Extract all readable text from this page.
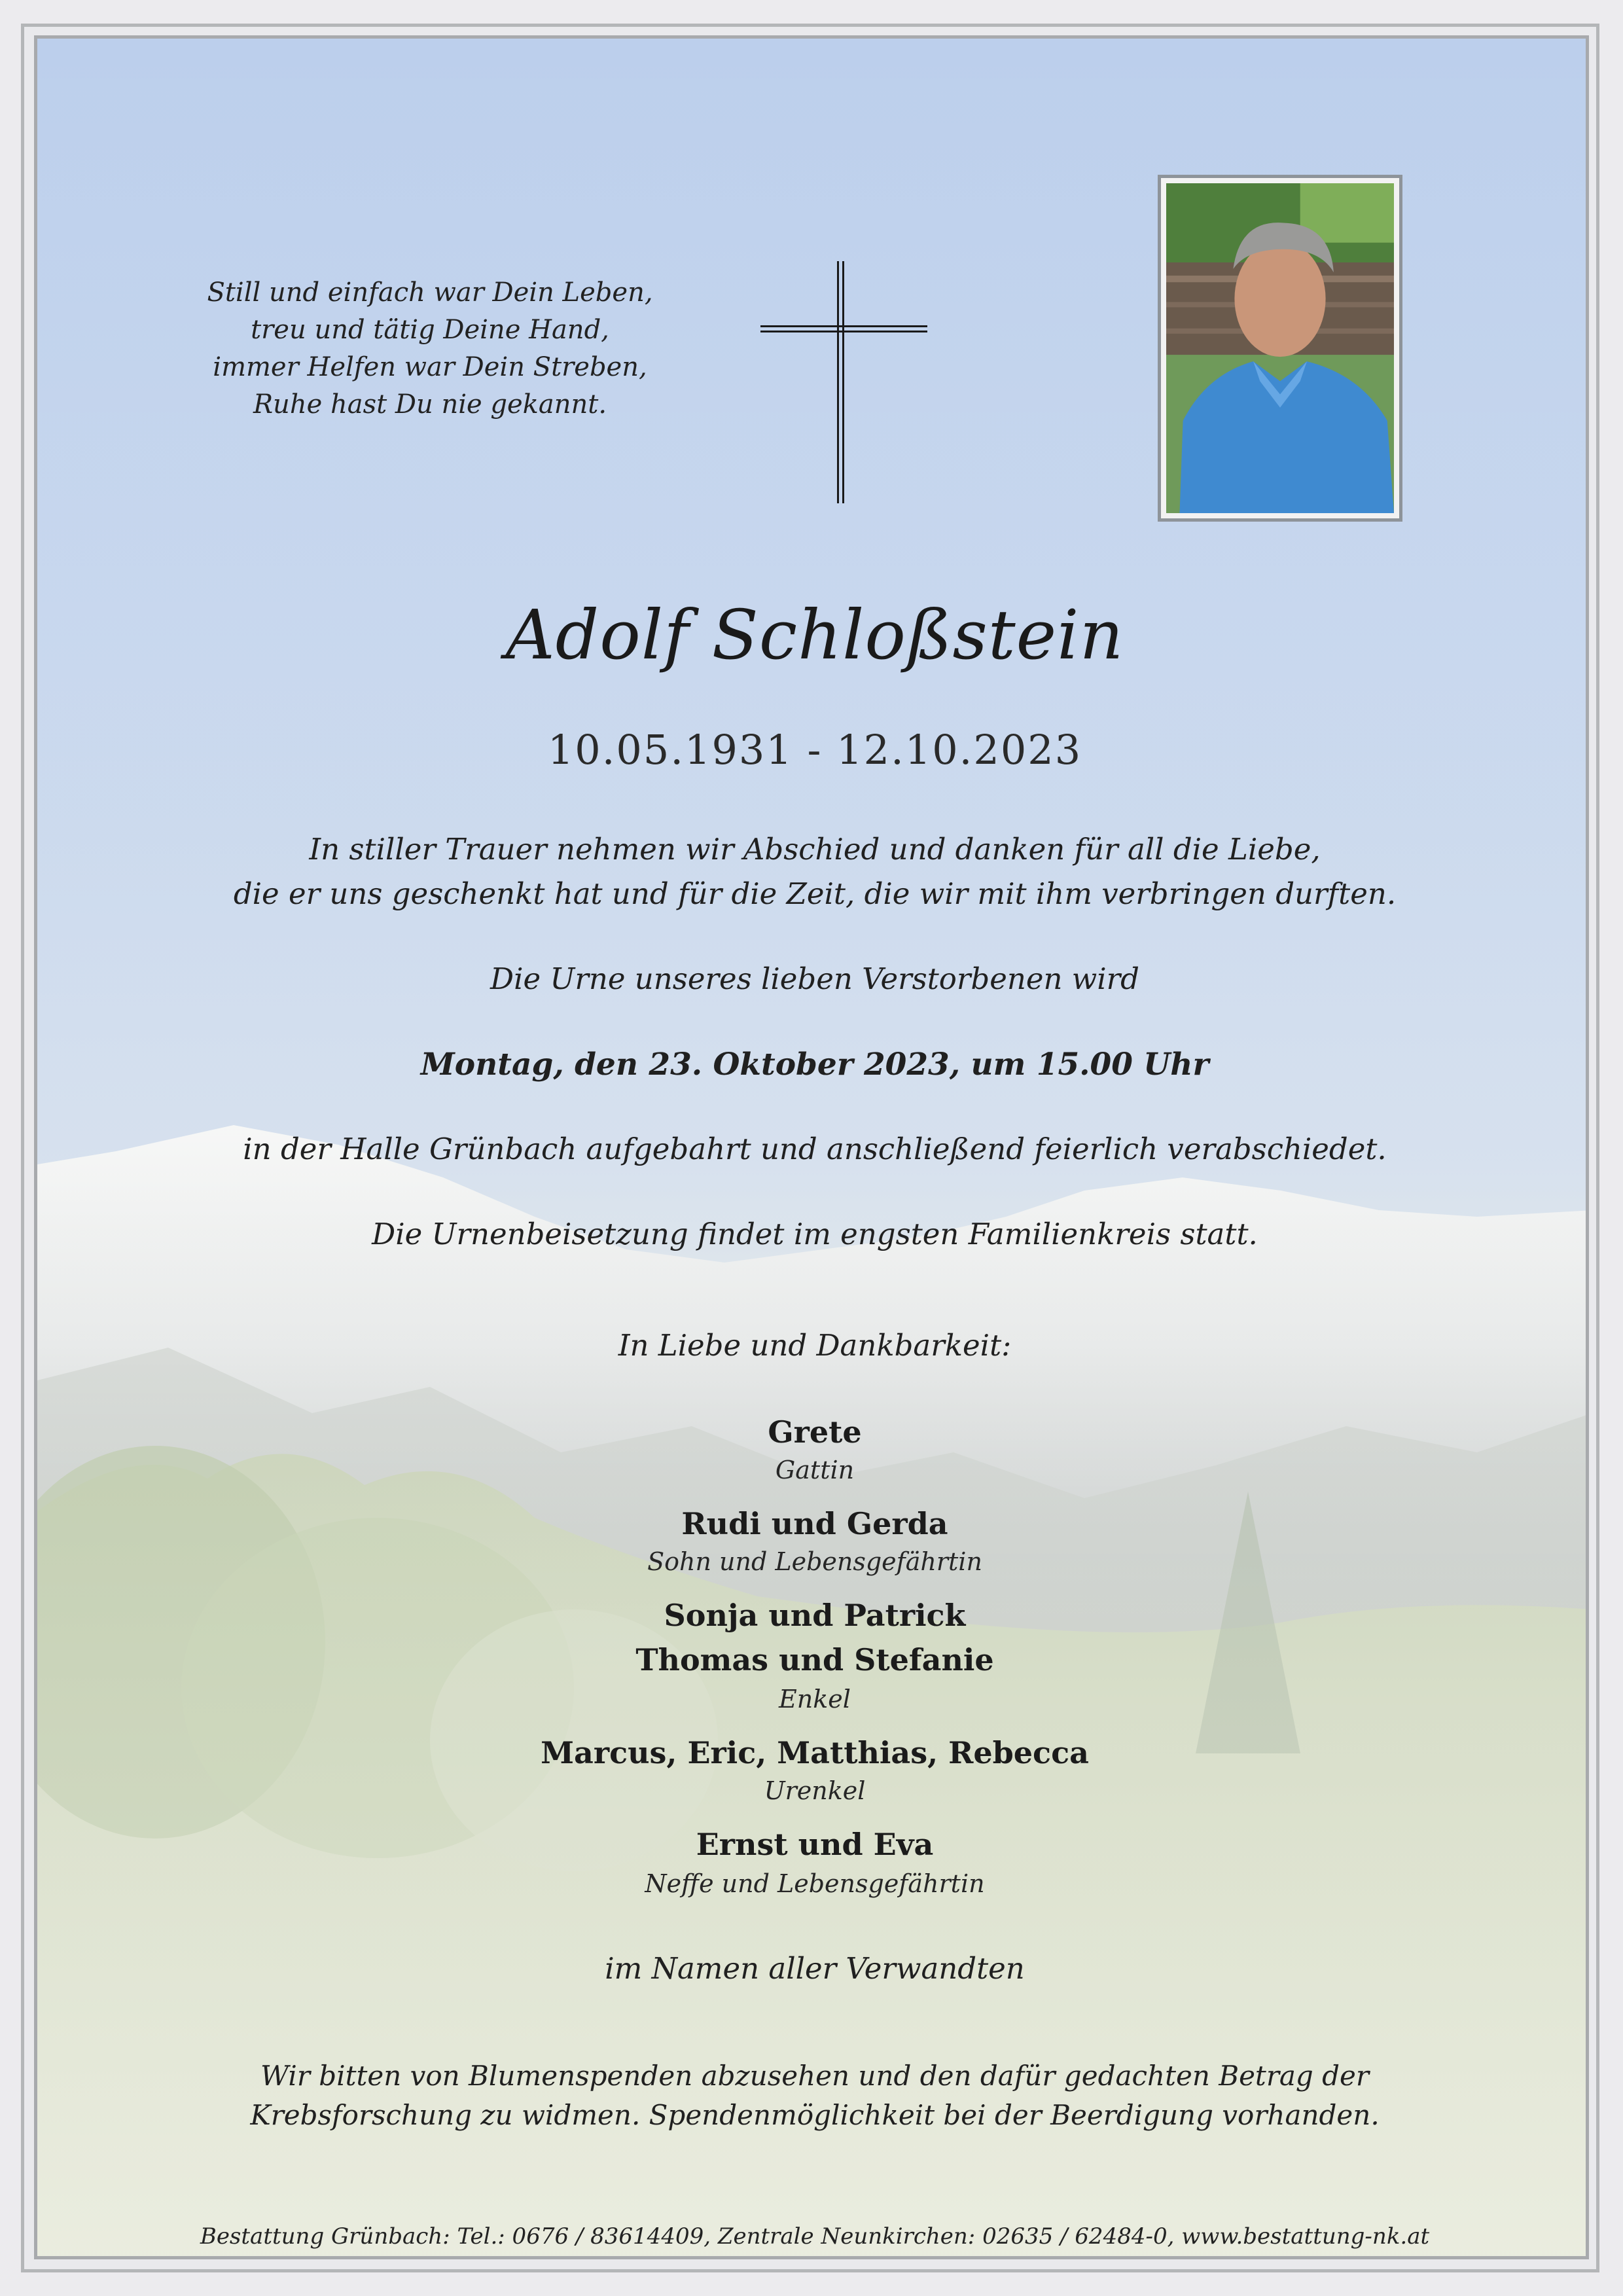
Still und einfach war Dein Leben,
treu und tätig Deine Hand,
immer Helfen war Dein Streben,
Ruhe hast Du nie gekannt.
Adolf Schloßstein
10.05.1931 - 12.10.2023
In stiller Trauer nehmen wir Abschied und danken für all die Liebe,
die er uns geschenkt hat und für die Zeit, die wir mit ihm verbringen durften.
Die Urne unseres lieben Verstorbenen wird
Montag, den 23. Oktober 2023, um 15.00 Uhr
in der Halle Grünbach aufgebahrt und anschließend feierlich verabschiedet.
Die Urnenbeisetzung findet im engsten Familienkreis statt.
In Liebe und Dankbarkeit:
Grete
Gattin
Rudi und Gerda
Sohn und Lebensgefährtin
Sonja und Patrick
Thomas und Stefanie
Enkel
Marcus, Eric, Matthias, Rebecca
Urenkel
Ernst und Eva
Neffe und Lebensgefährtin
im Namen aller Verwandten
Wir bitten von Blumenspenden abzusehen und den dafür gedachten Betrag der
Krebsforschung zu widmen. Spendenmöglichkeit bei der Beerdigung vorhanden.
Bestattung Grünbach: Tel.: 0676 / 83614409, Zentrale Neunkirchen: 02635 / 62484-0, www.bestattung-nk.at
